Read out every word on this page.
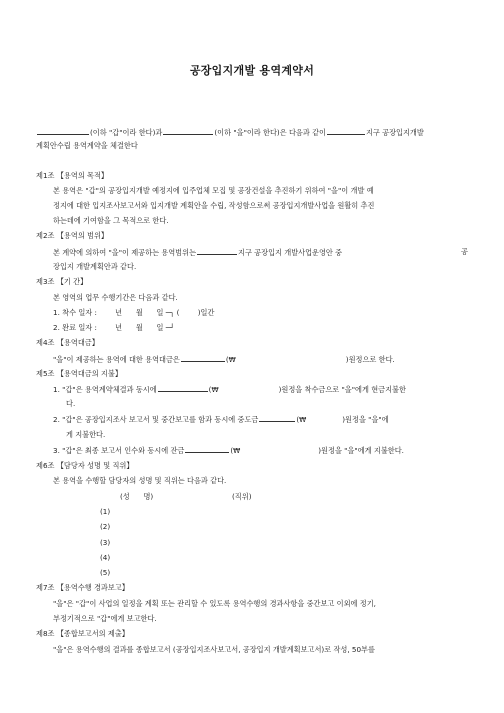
공장입지개발 용역계약서
(이하 "갑"이라 한다)과	(이하 "을"이라 한다)은 다음과 같이	지구 공장입지개발
계획안수립 용역계약을 체결한다
제1조 【용역의 목적】
본 용역은 "갑"의 공장입지개발 예정지에 입주업체 모집 및 공장건설을 추진하기 위하여 "을"이 개발 예
정지에 대한 입지조사보고서와 입지개발 계획안을 수립, 작성함으로써 공장입지개발사업을 원활히 추진
하는데에 기여함을 그 목적으로 한다.
제2조 【용역의 범위】
본 계약에 의하여 "을"이 제공하는 용역범위는	지구 공장입지 개발사업운영안 중	공
장입지 개발계획안과 같다.
제3조 【기 간】
본 영역의 업무 수행기간은 다음과 같다.
1. 착수 일자 :        년      월      일 ─┐ (        )일간
2. 완료 일자 :        년      월      일 ─┘
제4조 【용역대금】
"을"이 제공하는 용역에 대한 용역대금은	(₩	)원정으로 한다.
제5조 【용역대금의 지불】
1. "갑"은 용역계약체결과 동시에	(₩	)원정을 착수금으로 "을"에게 현금지불한
다.
2. "갑"은 공장입지조사 보고서 및 중간보고를 함과 동시에 중도금	(₩	)원정을 "을"에
게 지불한다.
3. "갑"은 최종 보고서 인수와 동시에 잔금	(₩	)원정을 "을"에게 지불한다.
제6조 【담당자 성명 및 직위】
본 용역을 수행할 담당자의 성명 및 직위는 다음과 같다.
(성      명)	(직위)
(1)
(2)
(3)
(4)
(5)
제7조 【용역수행 경과보고】
"을"은 "갑"이 사업의 일정을 계획 또는 관리할 수 있도록 용역수행의 경과사항을 중간보고 이외에 정기,
부정기적으로 "갑"에게 보고한다.
제8조 【종합보고서의 제출】
"을"은 용역수행의 결과를 종합보고서 (공장입지조사보고서, 공장입지 개발계획보고서)로 작성, 50부를
